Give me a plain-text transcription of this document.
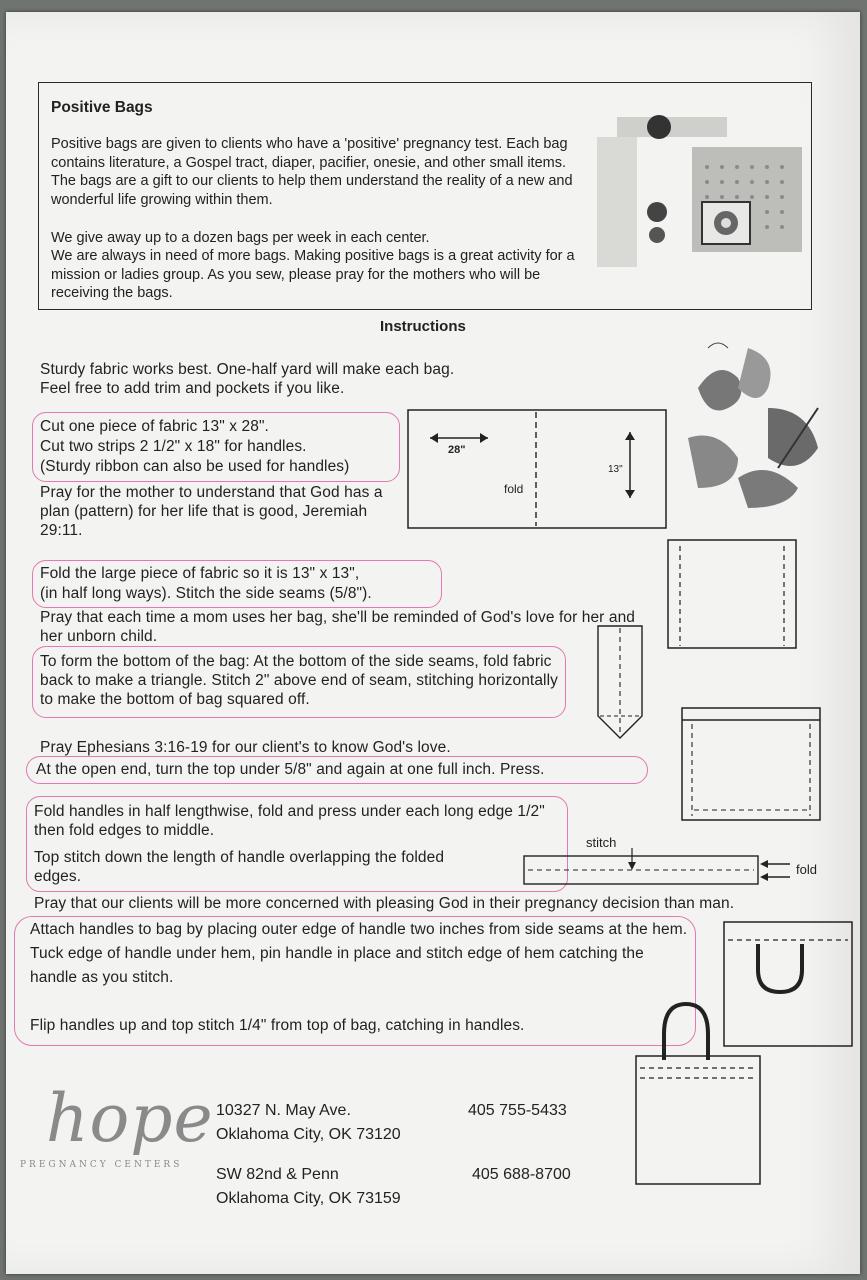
Positive Bags
Positive bags are given to clients who have a 'positive' pregnancy test. Each bag contains literature, a Gospel tract, diaper, pacifier, onesie, and other small items. The bags are a gift to our clients to help them understand the reality of a new and wonderful life growing within them.
We give away up to a dozen bags per week in each center.
We are always in need of more bags. Making positive bags is a great activity for a mission or ladies group. As you sew, please pray for the mothers who will be receiving the bags.
Instructions
Sturdy fabric works best. One-half yard will make each bag.
Feel free to add trim and pockets if you like.
Cut one piece of fabric 13" x 28".
Cut two strips 2 1/2" x 18" for handles.
(Sturdy ribbon can also be used for handles)
Pray for the mother to understand that God has a plan (pattern) for her life that is good, Jeremiah 29:11.
Fold the large piece of fabric so it is 13" x 13",
(in half long ways). Stitch the side seams (5/8").
Pray that each time a mom uses her bag, she'll be reminded of God's love for her and her unborn child.
To form the bottom of the bag: At the bottom of the side seams, fold fabric back to make a triangle. Stitch 2" above end of seam, stitching horizontally to make the bottom of bag squared off.
Pray Ephesians 3:16-19 for our client's to know God's love.
At the open end, turn the top under 5/8" and again at one full inch. Press.
Fold handles in half lengthwise, fold and press under each long edge 1/2" then fold edges to middle.
Top stitch down the length of handle overlapping the folded edges.
Pray that our clients will be more concerned with pleasing God in their pregnancy decision than man.
Attach handles to bag by placing outer edge of handle two inches from side seams at the hem. Tuck edge of handle under hem, pin handle in place and stitch edge of hem catching the handle as you stitch.
Flip handles up and top stitch 1/4" from top of bag, catching in handles.
28"
13"
fold
stitch
fold
hope
PREGNANCY CENTERS
10327 N. May Ave.
Oklahoma City, OK 73120
405 755-5433
SW 82nd & Penn
Oklahoma City, OK 73159
405 688-8700
